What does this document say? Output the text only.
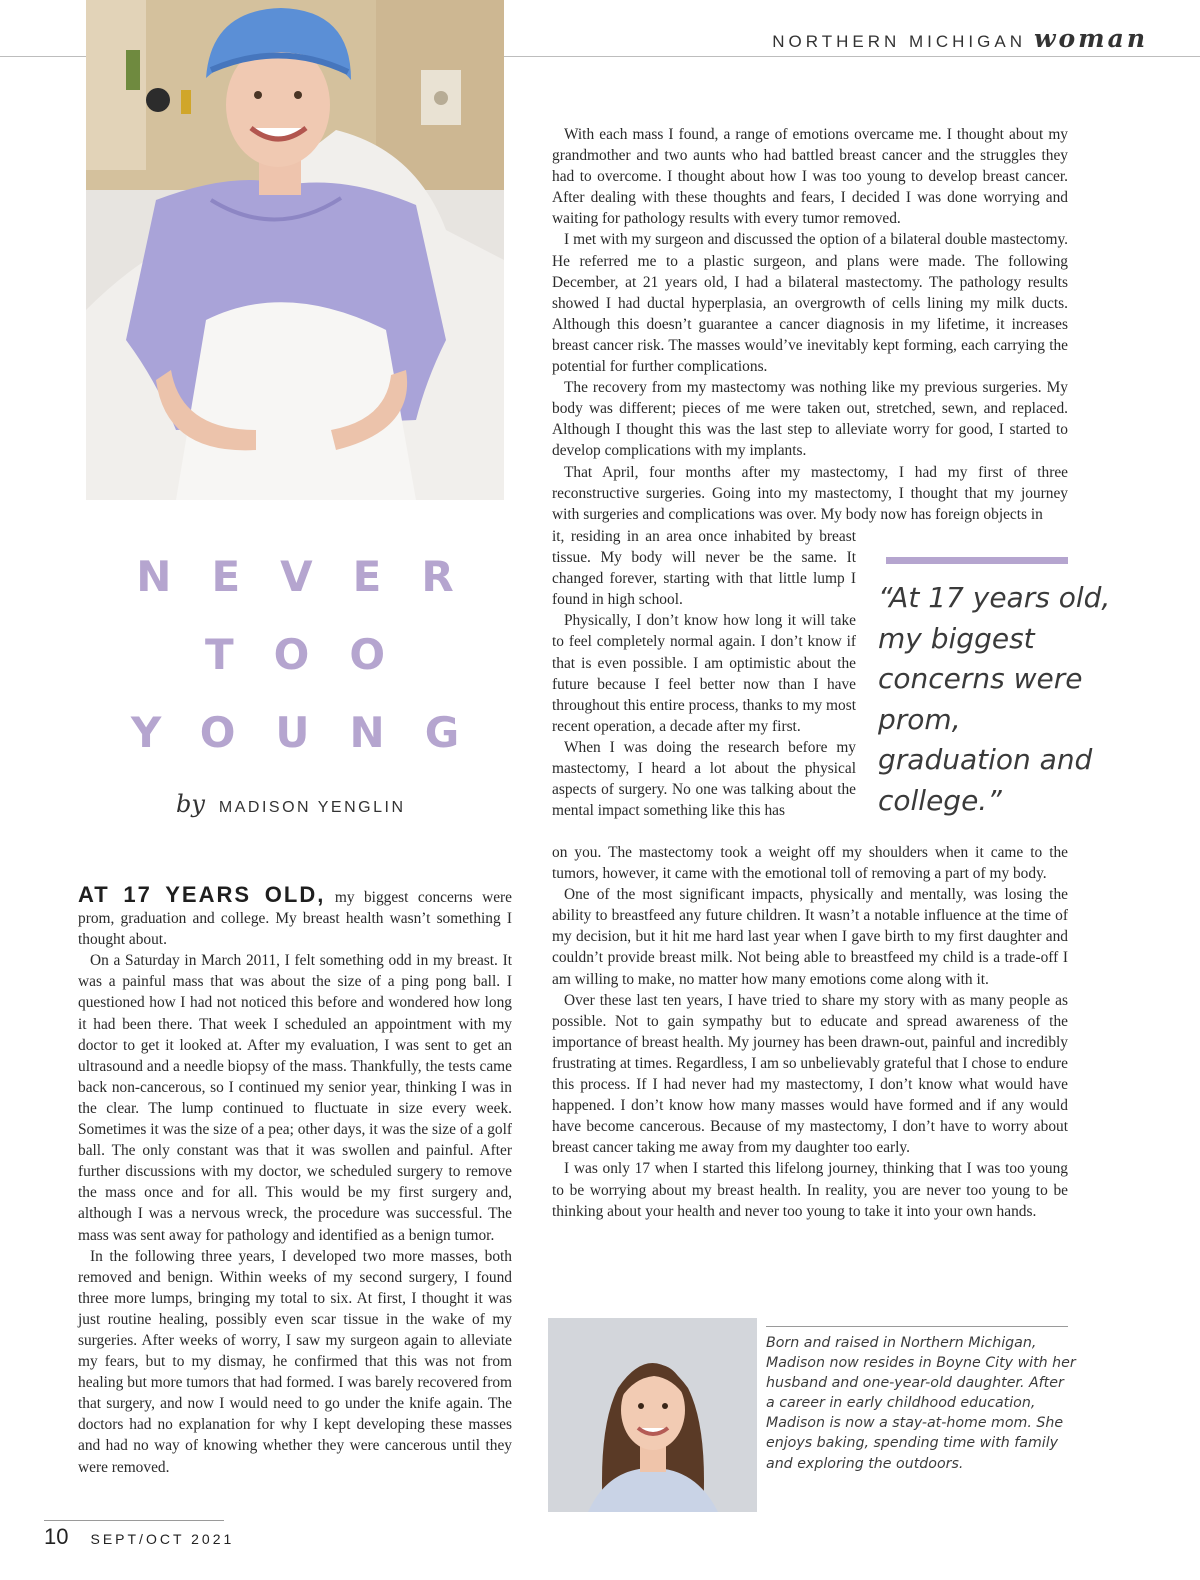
NORTHERN MICHIGAN woman
NEVER
TOO
YOUNG
by MADISON YENGLIN

AT 17 YEARS OLD, my biggest concerns were prom, graduation and college. My breast health wasn’t something I thought about.

On a Saturday in March 2011, I felt something odd in my breast. It was a painful mass that was about the size of a ping pong ball. I questioned how I had not noticed this before and wondered how long it had been there. That week I scheduled an appointment with my doctor to get it looked at. After my evaluation, I was sent to get an ultrasound and a needle biopsy of the mass. Thankfully, the tests came back non-cancerous, so I continued my senior year, thinking I was in the clear. The lump continued to fluctuate in size every week. Sometimes it was the size of a pea; other days, it was the size of a golf ball. The only constant was that it was swollen and painful. After further discussions with my doctor, we scheduled surgery to remove the mass once and for all. This would be my first surgery and, although I was a nervous wreck, the procedure was successful. The mass was sent away for pathology and identified as a benign tumor.

In the following three years, I developed two more masses, both removed and benign. Within weeks of my second surgery, I found three more lumps, bringing my total to six. At first, I thought it was just routine healing, possibly even scar tissue in the wake of my surgeries. After weeks of worry, I saw my surgeon again to alleviate my fears, but to my dismay, he confirmed that this was not from healing but more tumors that had formed. I was barely recovered from that surgery, and now I would need to go under the knife again. The doctors had no explanation for why I kept developing these masses and had no way of knowing whether they were cancerous until they were removed.

With each mass I found, a range of emotions overcame me. I thought about my grandmother and two aunts who had battled breast cancer and the struggles they had to overcome. I thought about how I was too young to develop breast cancer. After dealing with these thoughts and fears, I decided I was done worrying and waiting for pathology results with every tumor removed.

I met with my surgeon and discussed the option of a bilateral double mastectomy. He referred me to a plastic surgeon, and plans were made. The following December, at 21 years old, I had a bilateral mastectomy. The pathology results showed I had ductal hyperplasia, an overgrowth of cells lining my milk ducts. Although this doesn’t guarantee a cancer diagnosis in my lifetime, it increases breast cancer risk. The masses would’ve inevitably kept forming, each carrying the potential for further complications.

The recovery from my mastectomy was nothing like my previous surgeries. My body was different; pieces of me were taken out, stretched, sewn, and replaced. Although I thought this was the last step to alleviate worry for good, I started to develop complications with my implants.

That April, four months after my mastectomy, I had my first of three reconstructive surgeries. Going into my mastectomy, I thought that my journey with surgeries and complications was over. My body now has foreign objects in

it, residing in an area once inhabited by breast tissue. My body will never be the same. It changed forever, starting with that little lump I found in high school.

Physically, I don’t know how long it will take to feel completely normal again. I don’t know if that is even possible. I am optimistic about the future because I feel better now than I have throughout this entire process, thanks to my most recent operation, a decade after my first.

When I was doing the research before my mastectomy, I heard a lot about the physical aspects of surgery. No one was talking about the mental impact something like this has

“At 17 years old, my biggest concerns were prom, graduation and college.”

on you. The mastectomy took a weight off my shoulders when it came to the tumors, however, it came with the emotional toll of removing a part of my body.

One of the most significant impacts, physically and mentally, was losing the ability to breastfeed any future children. It wasn’t a notable influence at the time of my decision, but it hit me hard last year when I gave birth to my first daughter and couldn’t provide breast milk. Not being able to breastfeed my child is a trade-off I am willing to make, no matter how many emotions come along with it.

Over these last ten years, I have tried to share my story with as many people as possible. Not to gain sympathy but to educate and spread awareness of the importance of breast health. My journey has been drawn-out, painful and incredibly frustrating at times. Regardless, I am so unbelievably grateful that I chose to endure this process. If I had never had my mastectomy, I don’t know what would have happened. I don’t know how many masses would have formed and if any would have become cancerous. Because of my mastectomy, I don’t have to worry about breast cancer taking me away from my daughter too early.

I was only 17 when I started this lifelong journey, thinking that I was too young to be worrying about my breast health. In reality, you are never too young to be thinking about your health and never too young to take it into your own hands.

Born and raised in Northern Michigan, Madison now resides in Boyne City with her husband and one-year-old daughter. After a career in early childhood education, Madison is now a stay-at-home mom. She enjoys baking, spending time with family and exploring the outdoors.
10 SEPT/OCT 2021
